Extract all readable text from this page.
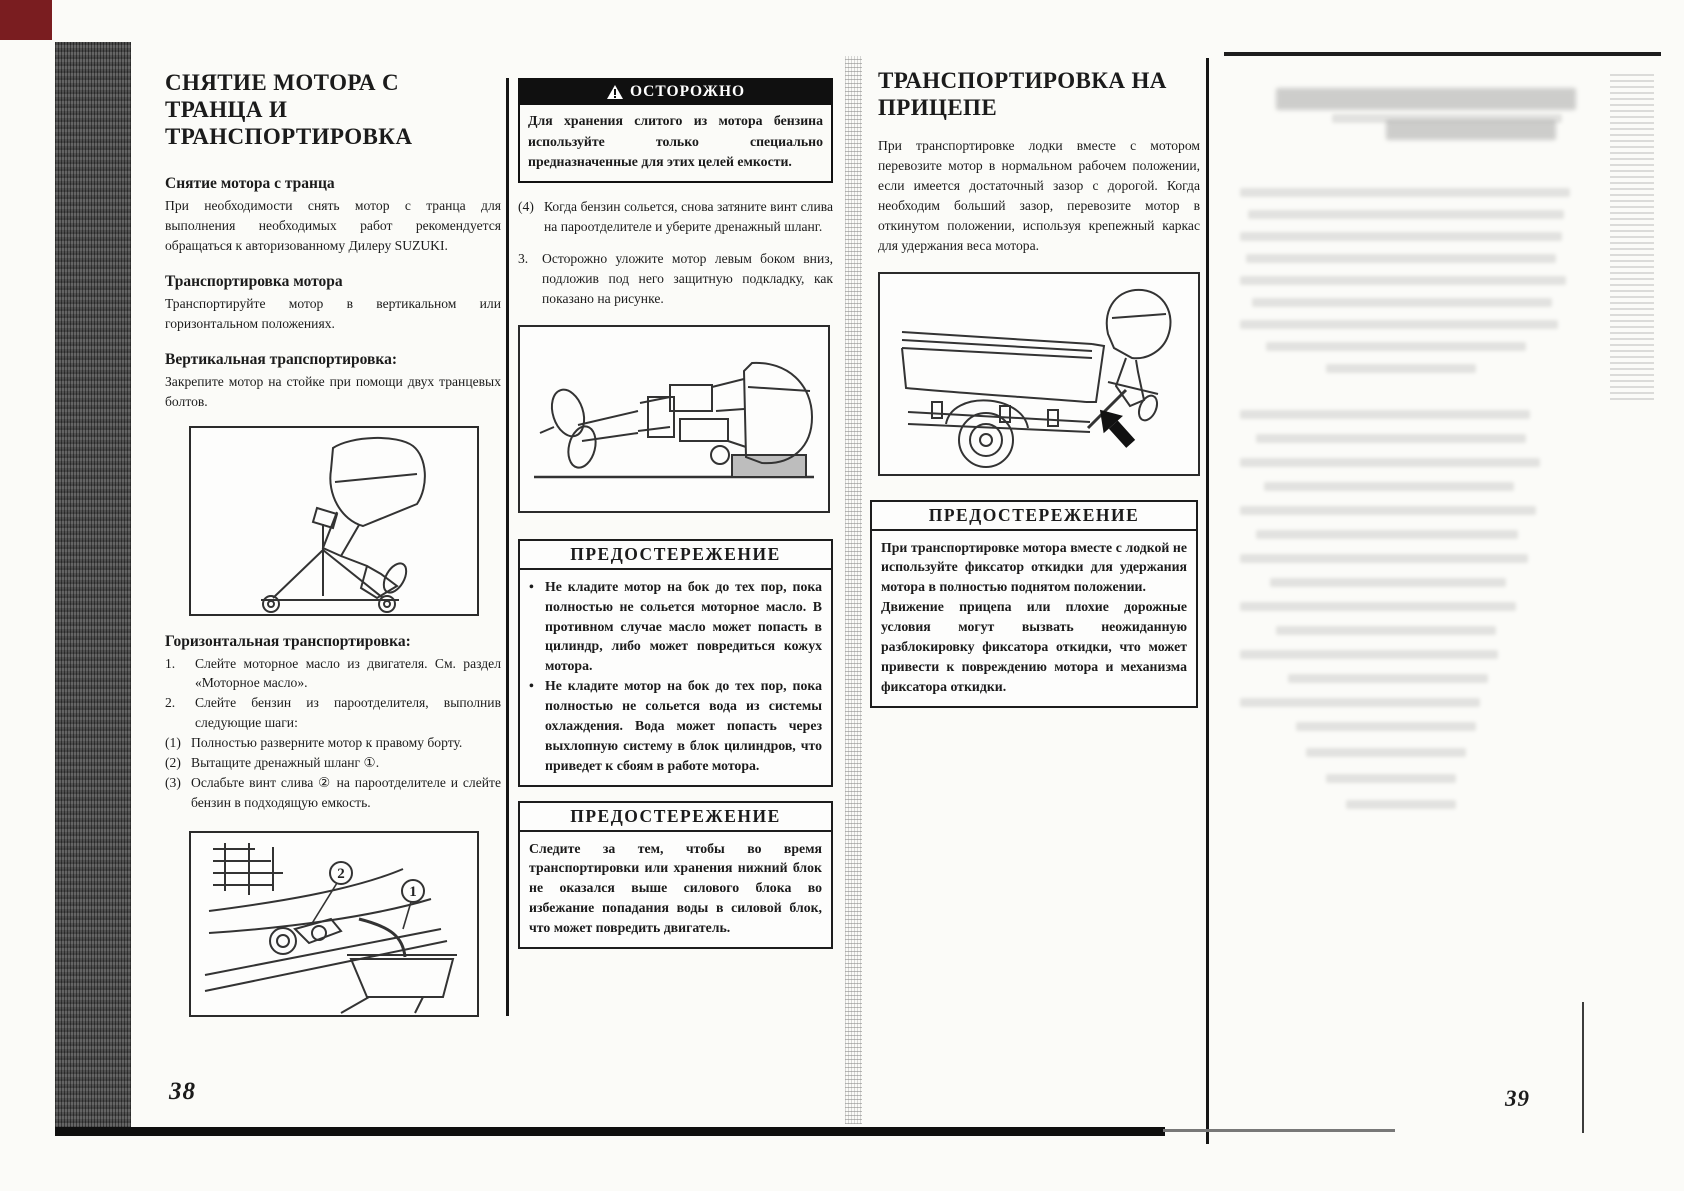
СНЯТИЕ МОТОРА С
ТРАНЦА И
ТРАНСПОРТИРОВКА
Снятие мотора с транца

При необходимости снять мотор с транца для выполнения необходимых работ рекомендуется обращаться к авторизованному Дилеру SUZUKI.

Транспортировка мотора

Транспортируйте мотор в вертикальном или горизонтальном положениях.

Вертикальная трапспортировка:

Закрепите мотор на стойке при помощи двух транцевых болтов.

Горизонтальная транспортировка:
1.	Слейте моторное масло из двигателя. См. раздел «Моторное масло».
2.	Слейте бензин из пароотделителя, выполнив следующие шаги:
(1) Полностью разверните мотор к правому борту.
(2) Вытащите дренажный шланг ①.
(3) Ослабьте винт слива ② на пароотделителе и слейте бензин в подходящую емкость.
2
1
ОСТОРОЖНО
Для хранения слитого из мотора бензина используйте только специально предназначенные для этих целей емкости.
(4) Когда бензин сольется, снова затяните винт слива на пароотделителе и уберите дренажный шланг.
3.	Осторожно уложите мотор левым боком вниз, подложив под него защитную подкладку, как показано на рисунке.
ПРЕДОСТЕРЕЖЕНИЕ
• Не кладите мотор на бок до тех пор, пока полностью не сольется моторное масло. В противном случае масло может попасть в цилиндр, либо может повредиться кожух мотора.
• Не кладите мотор на бок до тех пор, пока полностью не сольется вода из системы охлаждения. Вода может попасть через выхлопную систему в блок цилиндров, что приведет к сбоям в работе мотора.
ПРЕДОСТЕРЕЖЕНИЕ

Следите за тем, чтобы во время транспортировки или хранения нижний блок не оказался выше силового блока во избежание попадания воды в силовой блок, что может повредить двигатель.

ТРАНСПОРТИРОВКА НА
ПРИЦЕПЕ

При транспортировке лодки вместе с мотором перевозите мотор в нормальном рабочем положении, если имеется достаточный зазор с дорогой. Когда необходим больший зазор, перевозите мотор в откинутом положении, используя крепежный каркас для удержания веса мотора.

ПРЕДОСТЕРЕЖЕНИЕ

При транспортировке мотора вместе с лодкой не используйте фиксатор откидки для удержания мотора в полностью поднятом положении.

Движение прицепа или плохие дорожные условия могут вызвать неожиданную разблокировку фиксатора откидки, что может привести к повреждению мотора и механизма фиксатора откидки.

38	39
